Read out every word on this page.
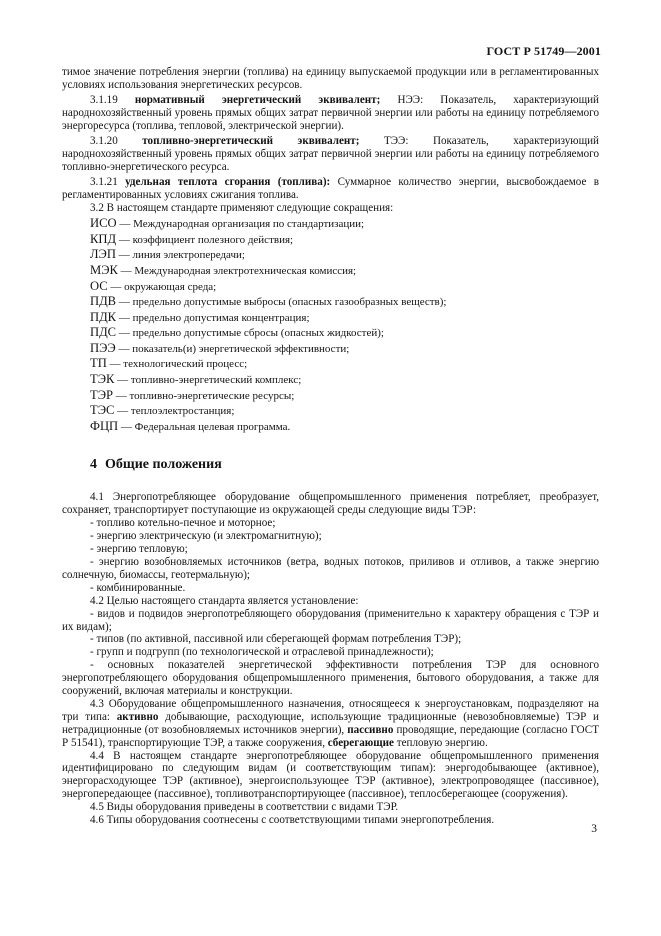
ГОСТ Р 51749—2001

тимое значение потребления энергии (топлива) на единицу выпускаемой продукции или в регламентированных условиях использования энергетических ресурсов.

3.1.19 нормативный энергетический эквивалент; НЭЭ: Показатель, характеризующий народнохозяйственный уровень прямых общих затрат первичной энергии или работы на единицу потребляемого энергоресурса (топлива, тепловой, электрической энергии).

3.1.20 топливно-энергетический эквивалент; ТЭЭ: Показатель, характеризующий народнохозяйственный уровень прямых общих затрат первичной энергии или работы на единицу потребляемого топливно-энергетического ресурса.

3.1.21 удельная теплота сгорания (топлива): Суммарное количество энергии, высвобождаемое в регламентированных условиях сжигания топлива.

3.2 В настоящем стандарте применяют следующие сокращения:

ИСО — Международная организация по стандартизации;
КПД — коэффициент полезного действия;
ЛЭП — линия электропередачи;
МЭК — Международная электротехническая комиссия;
ОС — окружающая среда;
ПДВ — предельно допустимые выбросы (опасных газообразных веществ);
ПДК — предельно допустимая концентрация;
ПДС — предельно допустимые сбросы (опасных жидкостей);
ПЭЭ — показатель(и) энергетической эффективности;
ТП — технологический процесс;
ТЭК — топливно-энергетический комплекс;
ТЭР — топливно-энергетические ресурсы;
ТЭС — теплоэлектростанция;
ФЦП — Федеральная целевая программа.
4 Общие положения

4.1 Энергопотребляющее оборудование общепромышленного применения потребляет, преобразует, сохраняет, транспортирует поступающие из окружающей среды следующие виды ТЭР:

- топливо котельно-печное и моторное;

- энергию электрическую (и электромагнитную);

- энергию тепловую;

- энергию возобновляемых источников (ветра, водных потоков, приливов и отливов, а также энергию солнечную, биомассы, геотермальную);

- комбинированные.

4.2 Целью настоящего стандарта является установление:

- видов и подвидов энергопотребляющего оборудования (применительно к характеру обращения с ТЭР и их видам);

- типов (по активной, пассивной или сберегающей формам потребления ТЭР);

- групп и подгрупп (по технологической и отраслевой принадлежности);

- основных показателей энергетической эффективности потребления ТЭР для основного энергопотребляющего оборудования общепромышленного применения, бытового оборудования, а также для сооружений, включая материалы и конструкции.

4.3 Оборудование общепромышленного назначения, относящееся к энергоустановкам, подразделяют на три типа: активно добывающие, расходующие, использующие традиционные (невозобновляемые) ТЭР и нетрадиционные (от возобновляемых источников энергии), пассивно проводящие, передающие (согласно ГОСТ Р 51541), транспортирующие ТЭР, а также сооружения, сберегающие тепловую энергию.

4.4 В настоящем стандарте энергопотребляющее оборудование общепромышленного применения идентифицировано по следующим видам (и соответствующим типам): энергодобывающее (активное), энергорасходующее ТЭР (активное), энергоиспользующее ТЭР (активное), электропроводящее (пассивное), энергопередающее (пассивное), топливотранспортирующее (пассивное), теплосберегающее (сооружения).

4.5 Виды оборудования приведены в соответствии с видами ТЭР.

4.6 Типы оборудования соотнесены с соответствующими типами энергопотребления.

3
